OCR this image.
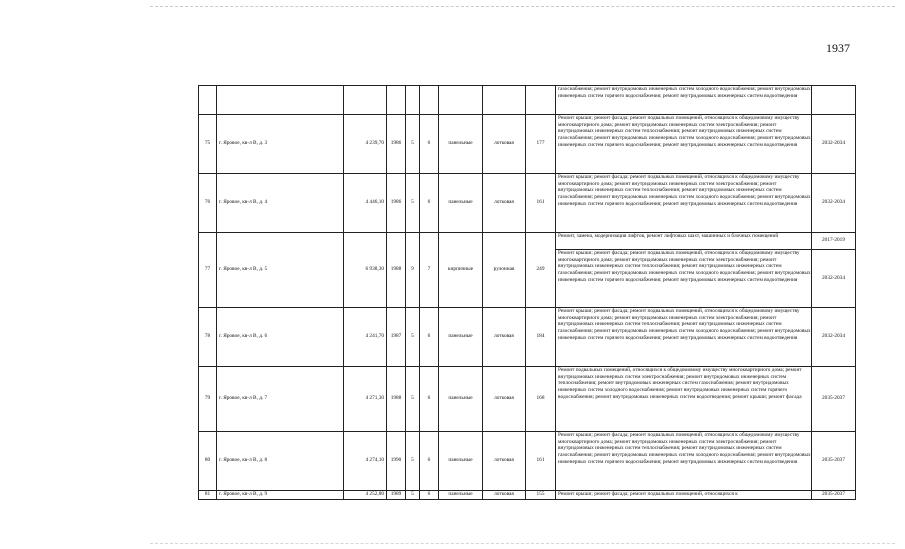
1937
									газоснабжения; ремонт внутридомовых инженерных систем холодного водоснабжения; ремонт внутридомовых инженерных систем горячего водоснабжения; ремонт внутридомовых инженерных систем водоотведения	
75	г. Яровое, кв-л В, д. 3	4 239,70	1986	5	6	панельные	лотковая	177	Ремонт крыши; ремонт фасада; ремонт подвальных помещений, относящихся к общедомовому имуществу многоквартирного дома; ремонт внутридомовых инженерных систем электроснабжения; ремонт внутридомовых инженерных систем теплоснабжения; ремонт внутридомовых инженерных систем газоснабжения; ремонт внутридомовых инженерных систем холодного водоснабжения; ремонт внутридомовых инженерных систем горячего водоснабжения; ремонт внутридомовых инженерных систем водоотведения	2032-2034
76	г. Яровое, кв-л В, д. 4	4 446,10	1986	5	6	панельные	лотковая	161	Ремонт крыши; ремонт фасада; ремонт подвальных помещений, относящихся к общедомовому имуществу многоквартирного дома; ремонт внутридомовых инженерных систем электроснабжения; ремонт внутридомовых инженерных систем теплоснабжения; ремонт внутридомовых инженерных систем газоснабжения; ремонт внутридомовых инженерных систем холодного водоснабжения; ремонт внутридомовых инженерных систем горячего водоснабжения; ремонт внутридомовых инженерных систем водоотведения	2032-2034
77	г. Яровое, кв-л В, д. 5	6 938,30	1988	9	7	кирпичные	рулонная	249	Ремонт, замена, модернизация лифтов, ремонт лифтовых шахт, машинных и блочных помещений	2017-2019
									Ремонт крыши; ремонт фасада; ремонт подвальных помещений, относящихся к общедомовому имуществу многоквартирного дома; ремонт внутридомовых инженерных систем электроснабжения; ремонт внутридомовых инженерных систем теплоснабжения; ремонт внутридомовых инженерных систем газоснабжения; ремонт внутридомовых инженерных систем холодного водоснабжения; ремонт внутридомовых инженерных систем горячего водоснабжения; ремонт внутридомовых инженерных систем водоотведения	2032-2034
78	г. Яровое, кв-л В, д. 6	4 241,70	1987	5	6	панельные	лотковая	184	Ремонт крыши; ремонт фасада; ремонт подвальных помещений, относящихся к общедомовому имуществу многоквартирного дома; ремонт внутридомовых инженерных систем электроснабжения; ремонт внутридомовых инженерных систем теплоснабжения; ремонт внутридомовых инженерных систем газоснабжения; ремонт внутридомовых инженерных систем холодного водоснабжения; ремонт внутридомовых инженерных систем горячего водоснабжения; ремонт внутридомовых инженерных систем водоотведения	2032-2034
79	г. Яровое, кв-л В, д. 7	4 271,30	1988	5	6	панельные	лотковая	168	Ремонт подвальных помещений, относящихся к общедомовому имуществу многоквартирного дома; ремонт внутридомовых инженерных систем электроснабжения; ремонт внутридомовых инженерных систем теплоснабжения; ремонт внутридомовых инженерных систем газоснабжения; ремонт внутридомовых инженерных систем холодного водоснабжения; ремонт внутридомовых инженерных систем горячего водоснабжения; ремонт внутридомовых инженерных систем водоотведения; ремонт крыши; ремонт фасада	2035-2037
80	г. Яровое, кв-л В, д. 8	4 274,10	1990	5	6	панельные	лотковая	161	Ремонт крыши; ремонт фасада; ремонт подвальных помещений, относящихся к общедомовому имуществу многоквартирного дома; ремонт внутридомовых инженерных систем электроснабжения; ремонт внутридомовых инженерных систем теплоснабжения; ремонт внутридомовых инженерных систем газоснабжения; ремонт внутридомовых инженерных систем холодного водоснабжения; ремонт внутридомовых инженерных систем горячего водоснабжения; ремонт внутридомовых инженерных систем водоотведения	2035-2037
81	г. Яровое, кв-л В, д. 9	4 252,80	1989	5	6	панельные	лотковая	155	Ремонт крыши; ремонт фасада; ремонт подвальных помещений, относящихся к	2035-2037
